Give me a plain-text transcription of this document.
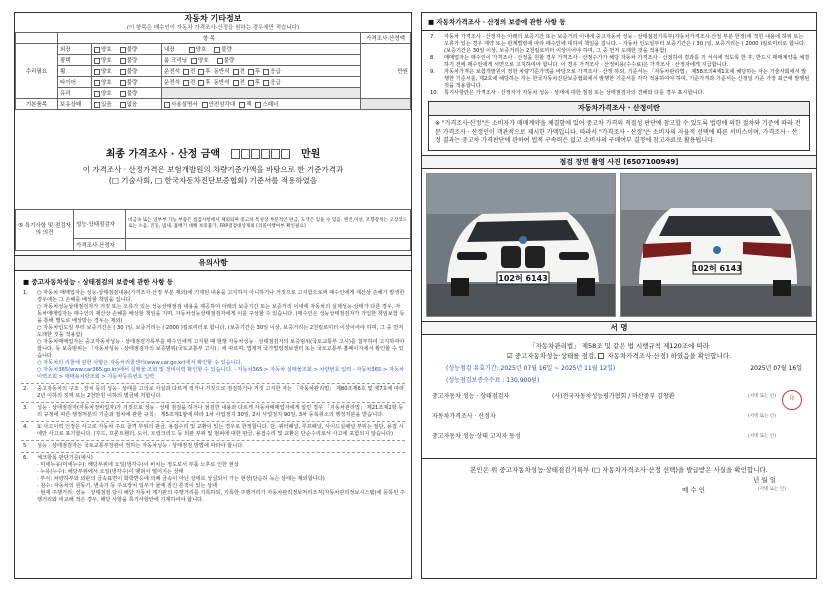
자동차 기타정보
(이 항목은 매수인이 자동차 가격조사·산정을 원하는 경우에만 적습니다)
	항 목			가격조사·산정액
수리필요	외장	양호 불량	내장 양호 불량	만원
	광택	양호 불량	룸 크리닝 양호 불량	
	휠	양호 불량	운전석 전 후 동반석 전 후 응급	
	타이어	양호 불량	운전석 전 후 동반석 전 후 응급	
	유리	양호 불량		
기본품목	보유상태	있음 없음	사용설명서 안전삼각대 잭 스패너	
최종 가격조사 · 산정 금액	만원
이 가격조사 · 산정가격은 보험개발원의 차량기준가액을 바탕으로 한 기준가격과
(□ 기술사회, □ 한국자동차진단보증협회) 기준서를 적용하였음
⑤ 특기사항 및 점검자의 의견	성능·상태점검자	비금속 또는 일부부 가능 부품은 점검사항에서 제외되며 중고차 특성상 부분적인 판금, 도색은 있을 수 있음. 엔진,미션, 조향장치는 고장코드로는 소음, 진동, 냄새, 흡배기 대해 보증불가, FRP점검대상제외 [리콜이행여부 확인필요]
	가격조사·산정자	
유의사항
■ 중고자동차성능 · 상태점검의 보증에 관한 사항 등
1. ○ 자동차 매매업자는 성능·상태점검내용(가격조사·산정 부분 제외)에 기재된 내용을 고지하지 아니하거나 거짓으로 고지함으로써 매수인에게 재산상 손해가 발생한 경우에는 그 손해를 배상할 책임을 집니다.
○ 자동차성능상태점검자가 거짓 또는 오류가 있는 성능상태점검 내용을 제공하여 아래의 보증기간 또는 보증거리 이내에 자동차의 실제성능·상태가 다른 경우, 자동차매매업자는 매수인의 재산상 손해를 배상할 책임을 지며, 자동차성능상태점검자에게 이를 구상할 수 있습니다. (매수인은 성능상태점검자가 가입한 책임보험 등을 통해 별도로 배상받는 경우는 제외)
○ 자동차인도일 부터 보증기간은 ( 30 )일, 보증거리는 ( 2000 )킬로미터로 합니다. (보증기간은 30일 이상, 보증거리는 2천킬로미터 이상이어야 하며, 그 중 먼저 도래한 것을 적용함)
○ 자동차매매업자는 중고자동차성능 · 상태점검기록부를 매수인에게 고지할 때 현행 자동차성능 · 상태점검자의 보증범위(국토교통부 고시)를 첨부하여 고지하여야 합니다. 동 보증범위는 「자동차성능 · 상태점검자의 보증범위(국토교통부 고시)」에 따르며, 법제처 국가법령정보센터 또는 국토교통부 홈페이지에서 확인할 수 있습니다.
○ 자동차의 리콜에 관한 사항은 자동차리콜센터(www.car.go.kr)에서 확인할 수 있습니다.
○ 자동차365(www.car365.go.kr)에서 실매물 조회 및 정비이력 확인할 수 있습니다. - 자동차365 > 자동차 실매물조회 > 차량번호 입력 - 자동차365 > 자동차 이력조회 > 매매용차량조회 > 자동차등록번호 입력
2. 중고자동차의 구조 · 장치 등의 성능 · 상태를 고의로 사실과 다르게 적거나 거짓으로 점검하거나 거짓 고지한 자는 「자동차관리법」 제80조제6호 및 제7호에 따라 2년 이하의 징역 또는 2천만원 이하의 벌금에 처합니다.
3. 성능 · 상태점검자(자동차정비업자)가 거짓으로 성능 · 상태 점검을 하거나 점검한 내용과 다르게 자동차매매업자에게 알린 경우 「자동차관리법」 제21조제2항 등의 규정에 따른 행정처분의 기준과 절차에 관한 규칙」 제5조제1항에 따라 1차 사업정지 30일, 2차 사업정지 90일, 3차 등록취소의 행정처분을 받습니다.
4. ① 사고이력 인정은 사고로 자동차 주요 골격 부위의 판금, 용접수리 및 교환이 있는 경우로 한정합니다. 단, 쿼터패널, 루프패널, 사이드실패널 부위는 절단, 용접 시에만 사고로 표기합니다. (후드, 프론트휀더, 도어, 트렁크리드 등 외판 부위 및 범퍼에 대한 판금, 용접수리 및 교환은 단순수리로서 사고에 포함되지 않습니다)
5. 성능 · 상태점검자는 국토교통부장관이 정하는 자동차성능 · 상태점검 방법에 따라야 합니다.
6. 체크항목 판단기준(예시)
· 미세누유(미세누수): 해당부위에 오일(냉각수)이 비치는 정도로서 부품 노후로 인한 현상
· 누유(누수): 해당부위에서 오일(냉각수)이 맺혀서 떨어지는 상태
· 부식: 차량하부와 외판의 금속표면이 화학반응에 의해 금속이 아닌 상태로 상실되어 가는 현상(단순히 녹슨 상태는 제외합니다)
· 침수: 자동차의 원동기, 변속기 등 주요장치 일부가 물에 잠긴 흔적이 있는 상태
· 현재 주행거리: 성능 · 상태점검 당시 해당 자동차 계기판의 주행거리를 기록하되, 기록한 주행거리가 자동차관리정보처리조직(자동차관리정보시스템)에 등록된 주행거리와 비교해 적은 경우, 해당 사항을 특기사항란에 기재하여야 합니다.
■ 자동차가격조사 · 산정의 보증에 관한 사항 등
7. 자동차 가격조사 · 산정자는 아래의 보증기간 또는 보증거리 이내에 중고자동차 성능 · 상태점검기록부(자동차가격조사·산정 부분 한정)에 적힌 내용에 허위 또는 오류가 있는 경우 계약 또는 관계법령에 따라 매수인에 대하여 책임을 집니다. - 자동차 인도일부터 보증기간은 ( 30 )일, 보증거리는 ( 2000 )킬로미터로 합니다. (보증기간은 30일 이상, 보증거리는 2천킬로미터 이상이어야 하며, 그 중 먼저 도래한 것을 적용함)
8. 매매업자는 매수인이 가격조사 · 산정을 원할 경우 가격조사 · 산정수가가 해당 자동차 가격조사 · 산정하여 결과를 기 서식에 적도록 한 후, 반드시 매매계약을 체결하기 전에 매수인에게 서면으로 고지하여야 합니다. 이 경우 가격조사 · 산정비용(수수료)은 가격조사 · 산정자에게 지급합니다.
9. 자동차가격은 보험개발원이 정한 차량기준가액을 바탕으로 가격조사 · 산정 하되, 기준서는 「자동차관리법」 제58조의4제1호에 해당하는 자는 기술사회에서 발행한 기준서를, 제2호에 해당하는 자는 한국자동차진단보증협회에서 발행한 기준서를 각각 적용하여야 하며, 기준가격과 기준서는 산정일 기준 가장 최근에 발행된 것을 적용합니다.
10. 특기사항란은 가격조사 · 산정자가 자동차 성능 · 상태에 대한 점검 또는 상태점검자의 견해와 다를 경우 표시합니다.
자동차가격조사 · 산정이란
※ "가격조사·산정"은 소비자가 매매계약을 체결함에 있어 중고차 가격의 적절성 판단에 참고할 수 있도록 법령에 의한 절차와 기준에 따라 전문 가격조사 · 산정인이 객관적으로 제시한 가액입니다. 따라서 "가격조사 · 산정"은 소비자의 자율적 선택에 따른 서비스이며, 가격조사 · 산정 결과는 중고차 가격판단에 관하여 법적 구속력은 없고 소비자의 구매여부 결정에 참고자료로 활용됩니다.
점검 장면 촬영 사진 [6507100949]
102허 6143
102허 6143
서 명
「자동차관리법」 제58조 및 같은 법 시행규칙 제120조에 따라
☑ 중고자동차성능·상태를 점검, 자동차가격조사·산정) 하였음을 확인합니다.
(성능점검 유효기간: 2025년 07월 16일 ~ 2025년 11월 12일)	2025년 07월 16일
(성능점검보증수수료 : 130,900원)
중고자동차 성능 · 상태점검자	(사)전국자동차성능평가협회 / 마산중부 김창환	(서명 또는 인)	印
자동차가격조사 · 산정자	(서명 또는 인)
중고자동차 성능·상태 고지자 동성	(서명 또는 인)
본인은 위 중고자동차성능·상태점검기록부 (□ 자동차가격조사·산정 선택)을 발급받은 사실을 확인합니다.
년 월 일
매 수 인	(서명 또는 인)
